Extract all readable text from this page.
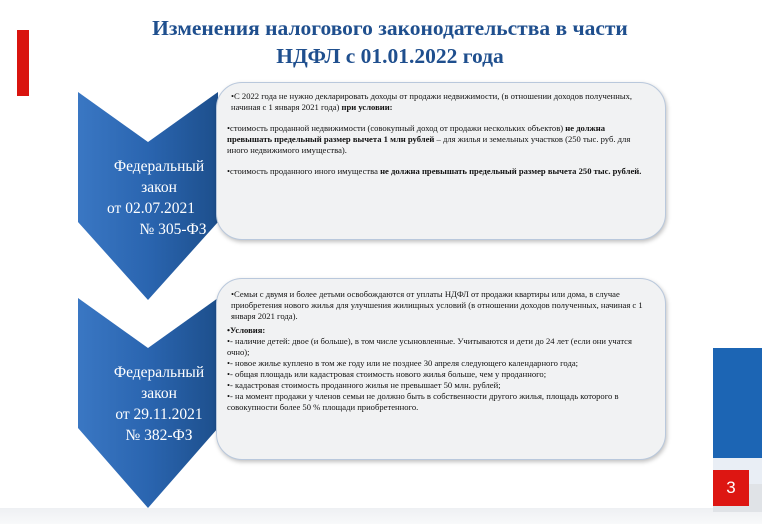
Изменения налогового законодательства в части
НДФЛ с 01.01.2022 года
Федеральный
закон
от 02.07.2021
№ 305-ФЗ

•С 2022 года не нужно декларировать доходы от продажи недвижимости, (в отношении доходов полученных, начиная с 1 января 2021 года) при условии:

•стоимость проданной недвижимости (совокупный доход от продажи нескольких объектов) не должна превышать предельный размер вычета 1 млн рублей – для жилья и земельных участков (250 тыс. руб. для иного недвижимого имущества).

•стоимость проданного иного имущества не должна превышать предельный размер вычета 250 тыс. рублей.

Федеральный
закон
от 29.11.2021
№ 382-ФЗ

•Семьи с двумя и более детьми освобождаются от уплаты НДФЛ от продажи квартиры или дома, в случае приобретения нового жилья для улучшения жилищных условий (в отношении доходов полученных, начиная с 1 января 2021 года).

•Условия:

•- наличие детей: двое (и больше), в том числе усыновленные. Учитываются и дети до 24 лет (если они учатся очно);

•- новое жилье куплено в том же году или не позднее 30 апреля следующего календарного года;

•- общая площадь или кадастровая стоимость нового жилья больше, чем у проданного;

•- кадастровая стоимость проданного жилья не превышает 50 млн. рублей;

•- на момент продажи у членов семьи не должно быть в собственности другого жилья, площадь которого в совокупности более 50 % площади приобретенного.

3
